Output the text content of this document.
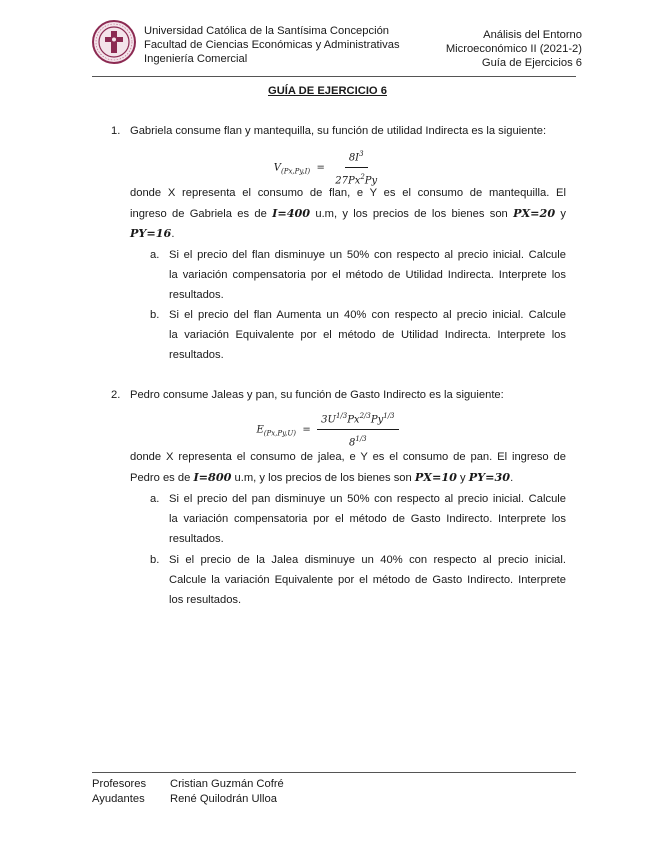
Universidad Católica de la Santísima Concepción
Facultad de Ciencias Económicas y Administrativas
Ingeniería Comercial
Análisis del Entorno
Microeconómico II (2021-2)
Guía de Ejercicios 6
GUÍA DE EJERCICIO 6
1. Gabriela consume flan y mantequilla, su función de utilidad Indirecta es la siguiente:
$V_{(Px,Py,I)} = \frac{8I^3}{27Px^2Py}$
donde X representa el consumo de flan, e Y es el consumo de mantequilla. El
ingreso de Gabriela es de I=400 u.m, y los precios de los bienes son PX=20 y
PY=16.
a. Si el precio del flan disminuye un 50% con respecto al precio inicial. Calcule
la variación compensatoria por el método de Utilidad Indirecta. Interprete los
resultados.
b. Si el precio del flan Aumenta un 40% con respecto al precio inicial. Calcule
la variación Equivalente por el método de Utilidad Indirecta. Interprete los
resultados.
2. Pedro consume Jaleas y pan, su función de Gasto Indirecto es la siguiente:
$E_{(Px,Py,U)} = \frac{3U^{1/3}Px^{2/3}Py^{1/3}}{8^{1/3}}$
donde X representa el consumo de jalea, e Y es el consumo de pan. El ingreso de
Pedro es de I=800 u.m, y los precios de los bienes son PX=10 y PY=30.
a. Si el precio del pan disminuye un 50% con respecto al precio inicial. Calcule
la variación compensatoria por el método de Gasto Indirecto. Interprete los
resultados.
b. Si el precio de la Jalea disminuye un 40% con respecto al precio inicial.
Calcule la variación Equivalente por el método de Gasto Indirecto. Interprete
los resultados.
Profesores Cristian Guzmán Cofré
Ayudantes René Quilodrán Ulloa
